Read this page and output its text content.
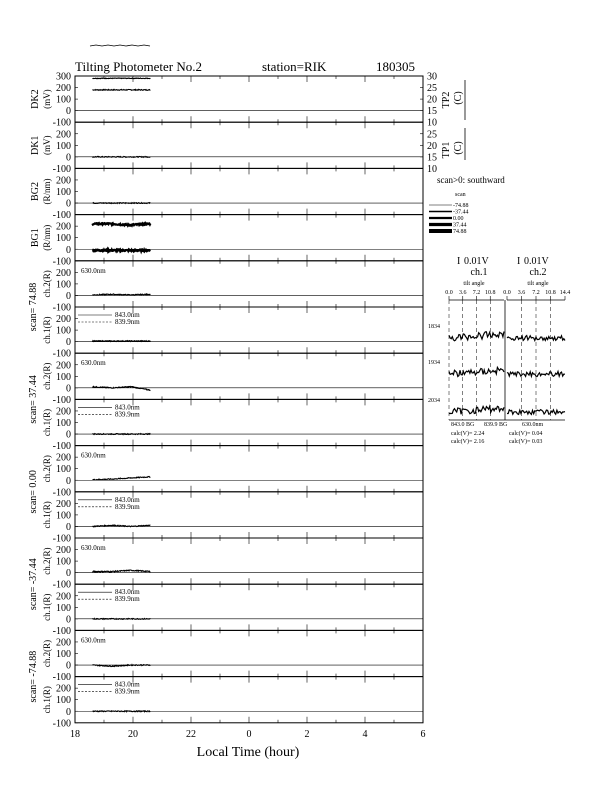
Tilting Photometer No.2	station=RIK	180305
300
200
100
0
-100
30
25
20
15
10
DK2 (mV)
200
100
0
-100
25
20
15
10
DK1 (mV)
200
100
0
-100
BG2 (R/nm)
200
100
0
-100
BG1 (R/nm)
200
100
0
-100
ch.2(R)	630.0nm
200
100
0
-100
ch.1(R)
843.0nm
839.9nm
200
100
0
-100
ch.2(R)	630.0nm
200
100
0
-100
ch.1(R)
843.0nm
839.9nm
200
100
0
-100
ch.2(R)	630.0nm
200
100
0
-100
ch.1(R)
843.0nm
839.9nm
200
100
0
-100
ch.2(R)	630.0nm
200
100
0
-100
ch.1(R)
843.0nm
839.9nm
200
100
0
-100
ch.2(R)	630.0nm
200
100
0
-100
ch.1(R)
843.0nm
839.9nm
scan= 74.88
scan= 37.44
scan= 0.00
scan= -37.44
scan= -74.88
18	20	22	0	2	4	6
Local Time (hour)
TP2 (C)
TP1 (C)
scan>0: southward
scan
-74.88
-37.44
0.00
37.44
74.88
I 0.01V	I 0.01V
ch.1	ch.2
tilt angle	tilt angle
0.0 3.6 7.2 10.8 0.0 3.6 7.2 10.8 14.4
1834
1934
2034
843.0 BG 839.9 BG 630.0nm
calc(V)= 2.24
calc(V)= 2.16
calc(V)= 0.04
calc(V)= 0.03
